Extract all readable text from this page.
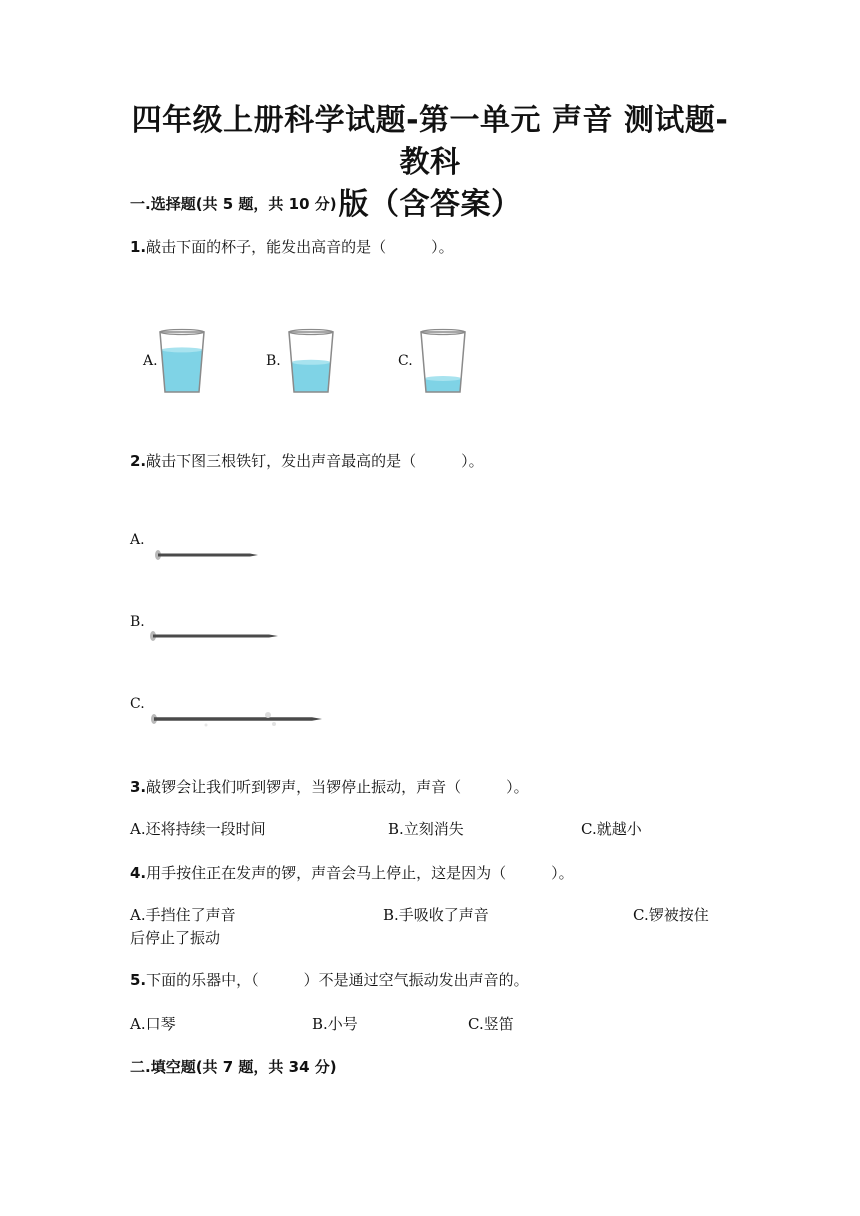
四年级上册科学试题-第一单元 声音 测试题-教科
版（含答案）
一.选择题(共 5 题，共 10 分)
1.敲击下面的杯子，能发出高音的是（　　　）。
A.	B.	C.
2.敲击下图三根铁钉，发出声音最高的是（　　　）。
A.
B.
C.
3.敲锣会让我们听到锣声，当锣停止振动，声音（　　　）。
A.还将持续一段时间	B.立刻消失	C.就越小
4.用手按住正在发声的锣，声音会马上停止，这是因为（　　　）。
A.手挡住了声音	B.手吸收了声音	C.锣被按住
后停止了振动
5.下面的乐器中，（　　　）不是通过空气振动发出声音的。
A.口琴	B.小号	C.竖笛
二.填空题(共 7 题，共 34 分)
